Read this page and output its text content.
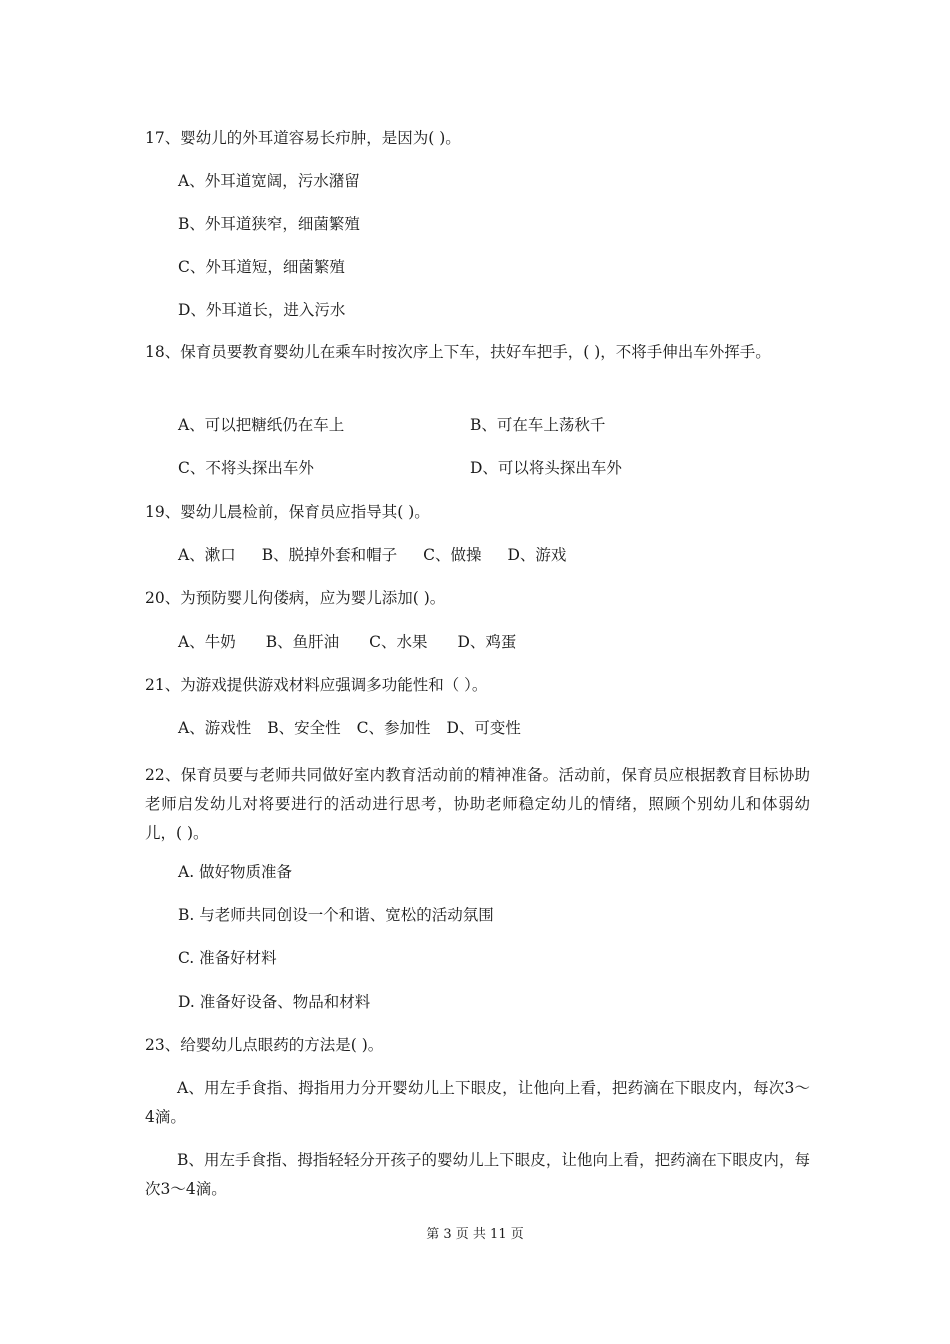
17、婴幼儿的外耳道容易长疖肿，是因为( )。
A、外耳道宽阔，污水潴留
B、外耳道狭窄，细菌繁殖
C、外耳道短，细菌繁殖
D、外耳道长，进入污水
18、保育员要教育婴幼儿在乘车时按次序上下车，扶好车把手，( )，不将手伸出车外挥手。
A、可以把糖纸仍在车上	B、可在车上荡秋千
C、不将头探出车外	D、可以将头探出车外
19、婴幼儿晨检前，保育员应指导其( )。
A、漱口 B、脱掉外套和帽子 C、做操 D、游戏
20、为预防婴儿佝偻病，应为婴儿添加( )。
A、牛奶 B、鱼肝油 C、水果 D、鸡蛋
21、为游戏提供游戏材料应强调多功能性和（ ）。
A、游戏性 B、安全性 C、参加性 D、可变性
22、保育员要与老师共同做好室内教育活动前的精神准备。活动前，保育员应根据教育目标协助老师启发幼儿对将要进行的活动进行思考，协助老师稳定幼儿的情绪，照顾个别幼儿和体弱幼儿，( )。
A. 做好物质准备
B. 与老师共同创设一个和谐、宽松的活动氛围
C. 准备好材料
D. 准备好设备、物品和材料
23、给婴幼儿点眼药的方法是( )。
A、用左手食指、拇指用力分开婴幼儿上下眼皮，让他向上看，把药滴在下眼皮内，每次3～4滴。
B、用左手食指、拇指轻轻分开孩子的婴幼儿上下眼皮，让他向上看，把药滴在下眼皮内，每次3～4滴。
第 3 页 共 11 页
